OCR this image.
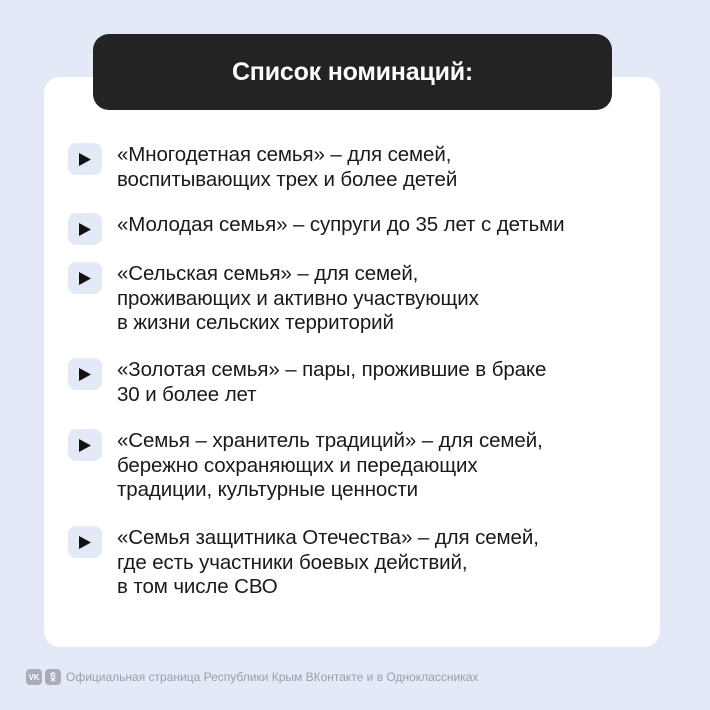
Список номинаций:
«Многодетная семья» – для семей,
воспитывающих трех и более детей
«Молодая семья» – супруги до 35 лет с детьми
«Сельская семья» – для семей,
проживающих и активно участвующих
в жизни сельских территорий
«Золотая семья» – пары, прожившие в браке
30 и более лет
«Семья – хранитель традиций» – для семей,
бережно сохраняющих и передающих
традиции, культурные ценности
«Семья защитника Отечества» – для семей,
где есть участники боевых действий,
в том числе СВО
VK Официальная страница Республики Крым ВКонтакте и в Одноклассниках
